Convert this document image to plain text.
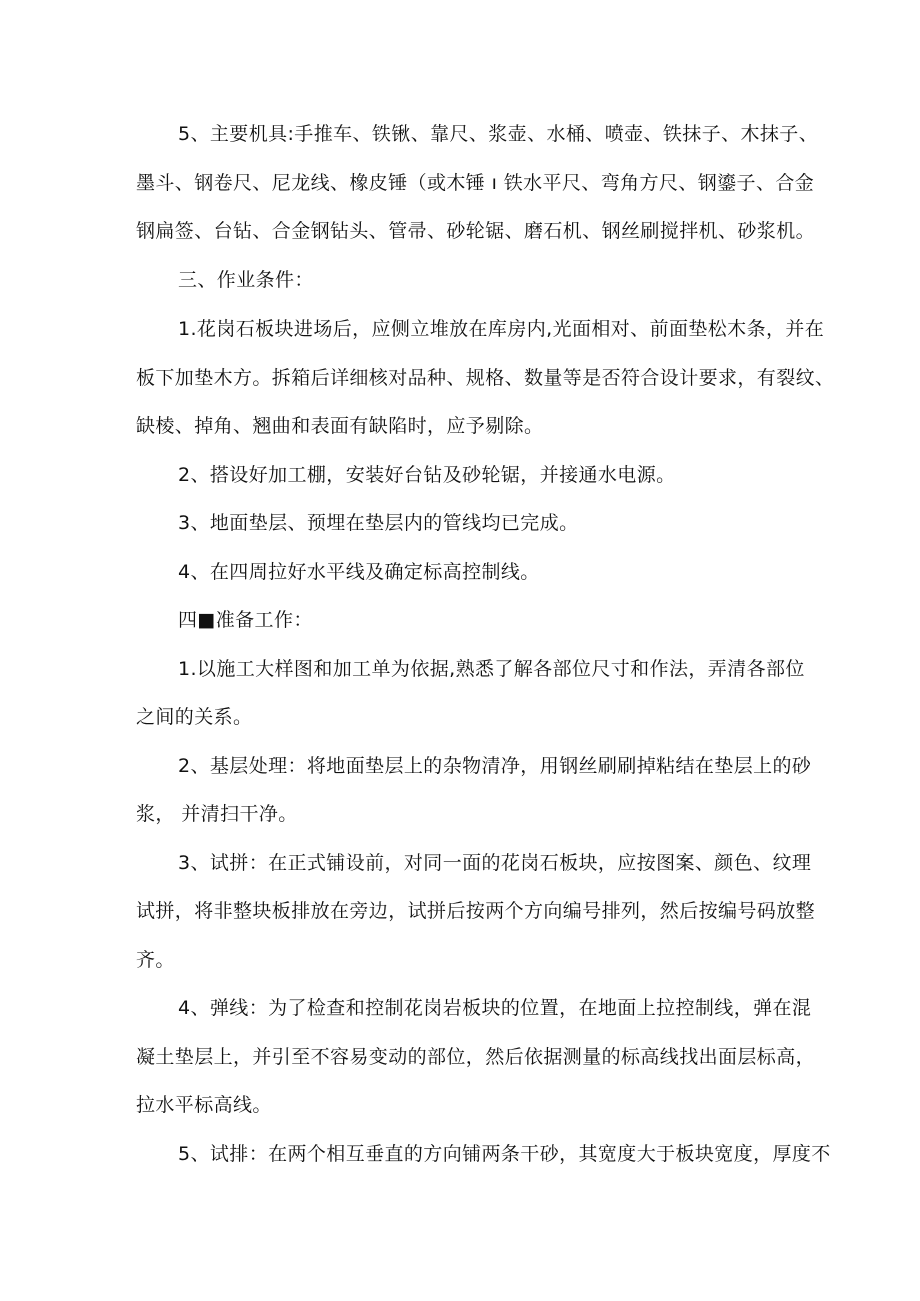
5、主要机具:手推车、铁锹、靠尺、浆壶、水桶、喷壶、铁抹子、木抹子、
墨斗、钢卷尺、尼龙线、橡皮锤（或木锤 ı 铁水平尺、弯角方尺、钢鎏子、合金
钢扁签、台钻、合金钢钻头、管帚、砂轮锯、磨石机、钢丝刷搅拌机、砂浆机。
三、作业条件：
1.花岗石板块进场后，应侧立堆放在库房内,光面相对、前面垫松木条，并在
板下加垫木方。拆箱后详细核对品种、规格、数量等是否符合设计要求，有裂纹、
缺棱、掉角、翘曲和表面有缺陷时，应予剔除。
2、搭设好加工棚，安装好台钻及砂轮锯，并接通水电源。
3、地面垫层、预埋在垫层内的管线均已完成。
4、在四周拉好水平线及确定标高控制线。
四■准备工作：
1.以施工大样图和加工单为依据,熟悉了解各部位尺寸和作法，弄清各部位
之间的关系。
2、基层处理：将地面垫层上的杂物清净，用钢丝刷刷掉粘结在垫层上的砂
浆， 并清扫干净。
3、试拼：在正式铺设前，对同一面的花岗石板块，应按图案、颜色、纹理
试拼，将非整块板排放在旁边，试拼后按两个方向编号排列，然后按编号码放整
齐。
4、弹线：为了检查和控制花岗岩板块的位置，在地面上拉控制线，弹在混
凝土垫层上，并引至不容易变动的部位，然后依据测量的标高线找出面层标高，
拉水平标高线。
5、试排：在两个相互垂直的方向铺两条干砂，其宽度大于板块宽度，厚度不
